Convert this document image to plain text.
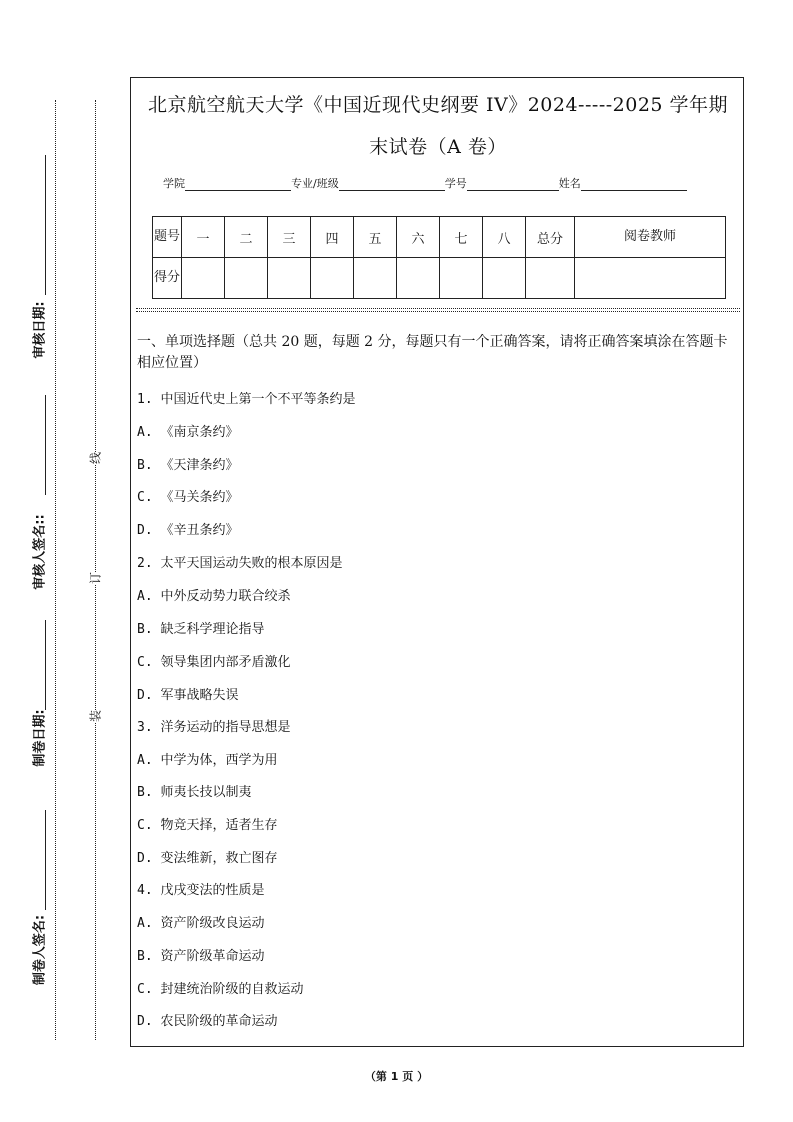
审核日期:
审核人签名::
制卷日期:
制卷人签名:
线
订
装
北京航空航天大学《中国近现代史纲要 IV》2024-----2025 学年期
末试卷（A 卷）
学院	专业/班级	学号	姓名
题号	一	二	三	四	五	六	七	八	总分	阅卷教师
得分										
一、单项选择题（总共 20 题，每题 2 分，每题只有一个正确答案，请将正确答案填涂在答题卡相应位置）
1. 中国近代史上第一个不平等条约是
A. 《南京条约》
B. 《天津条约》
C. 《马关条约》
D. 《辛丑条约》
2. 太平天国运动失败的根本原因是
A. 中外反动势力联合绞杀
B. 缺乏科学理论指导
C. 领导集团内部矛盾激化
D. 军事战略失误
3. 洋务运动的指导思想是
A. 中学为体，西学为用
B. 师夷长技以制夷
C. 物竞天择，适者生存
D. 变法维新，救亡图存
4. 戊戌变法的性质是
A. 资产阶级改良运动
B. 资产阶级革命运动
C. 封建统治阶级的自救运动
D. 农民阶级的革命运动
（第 1 页 ）
